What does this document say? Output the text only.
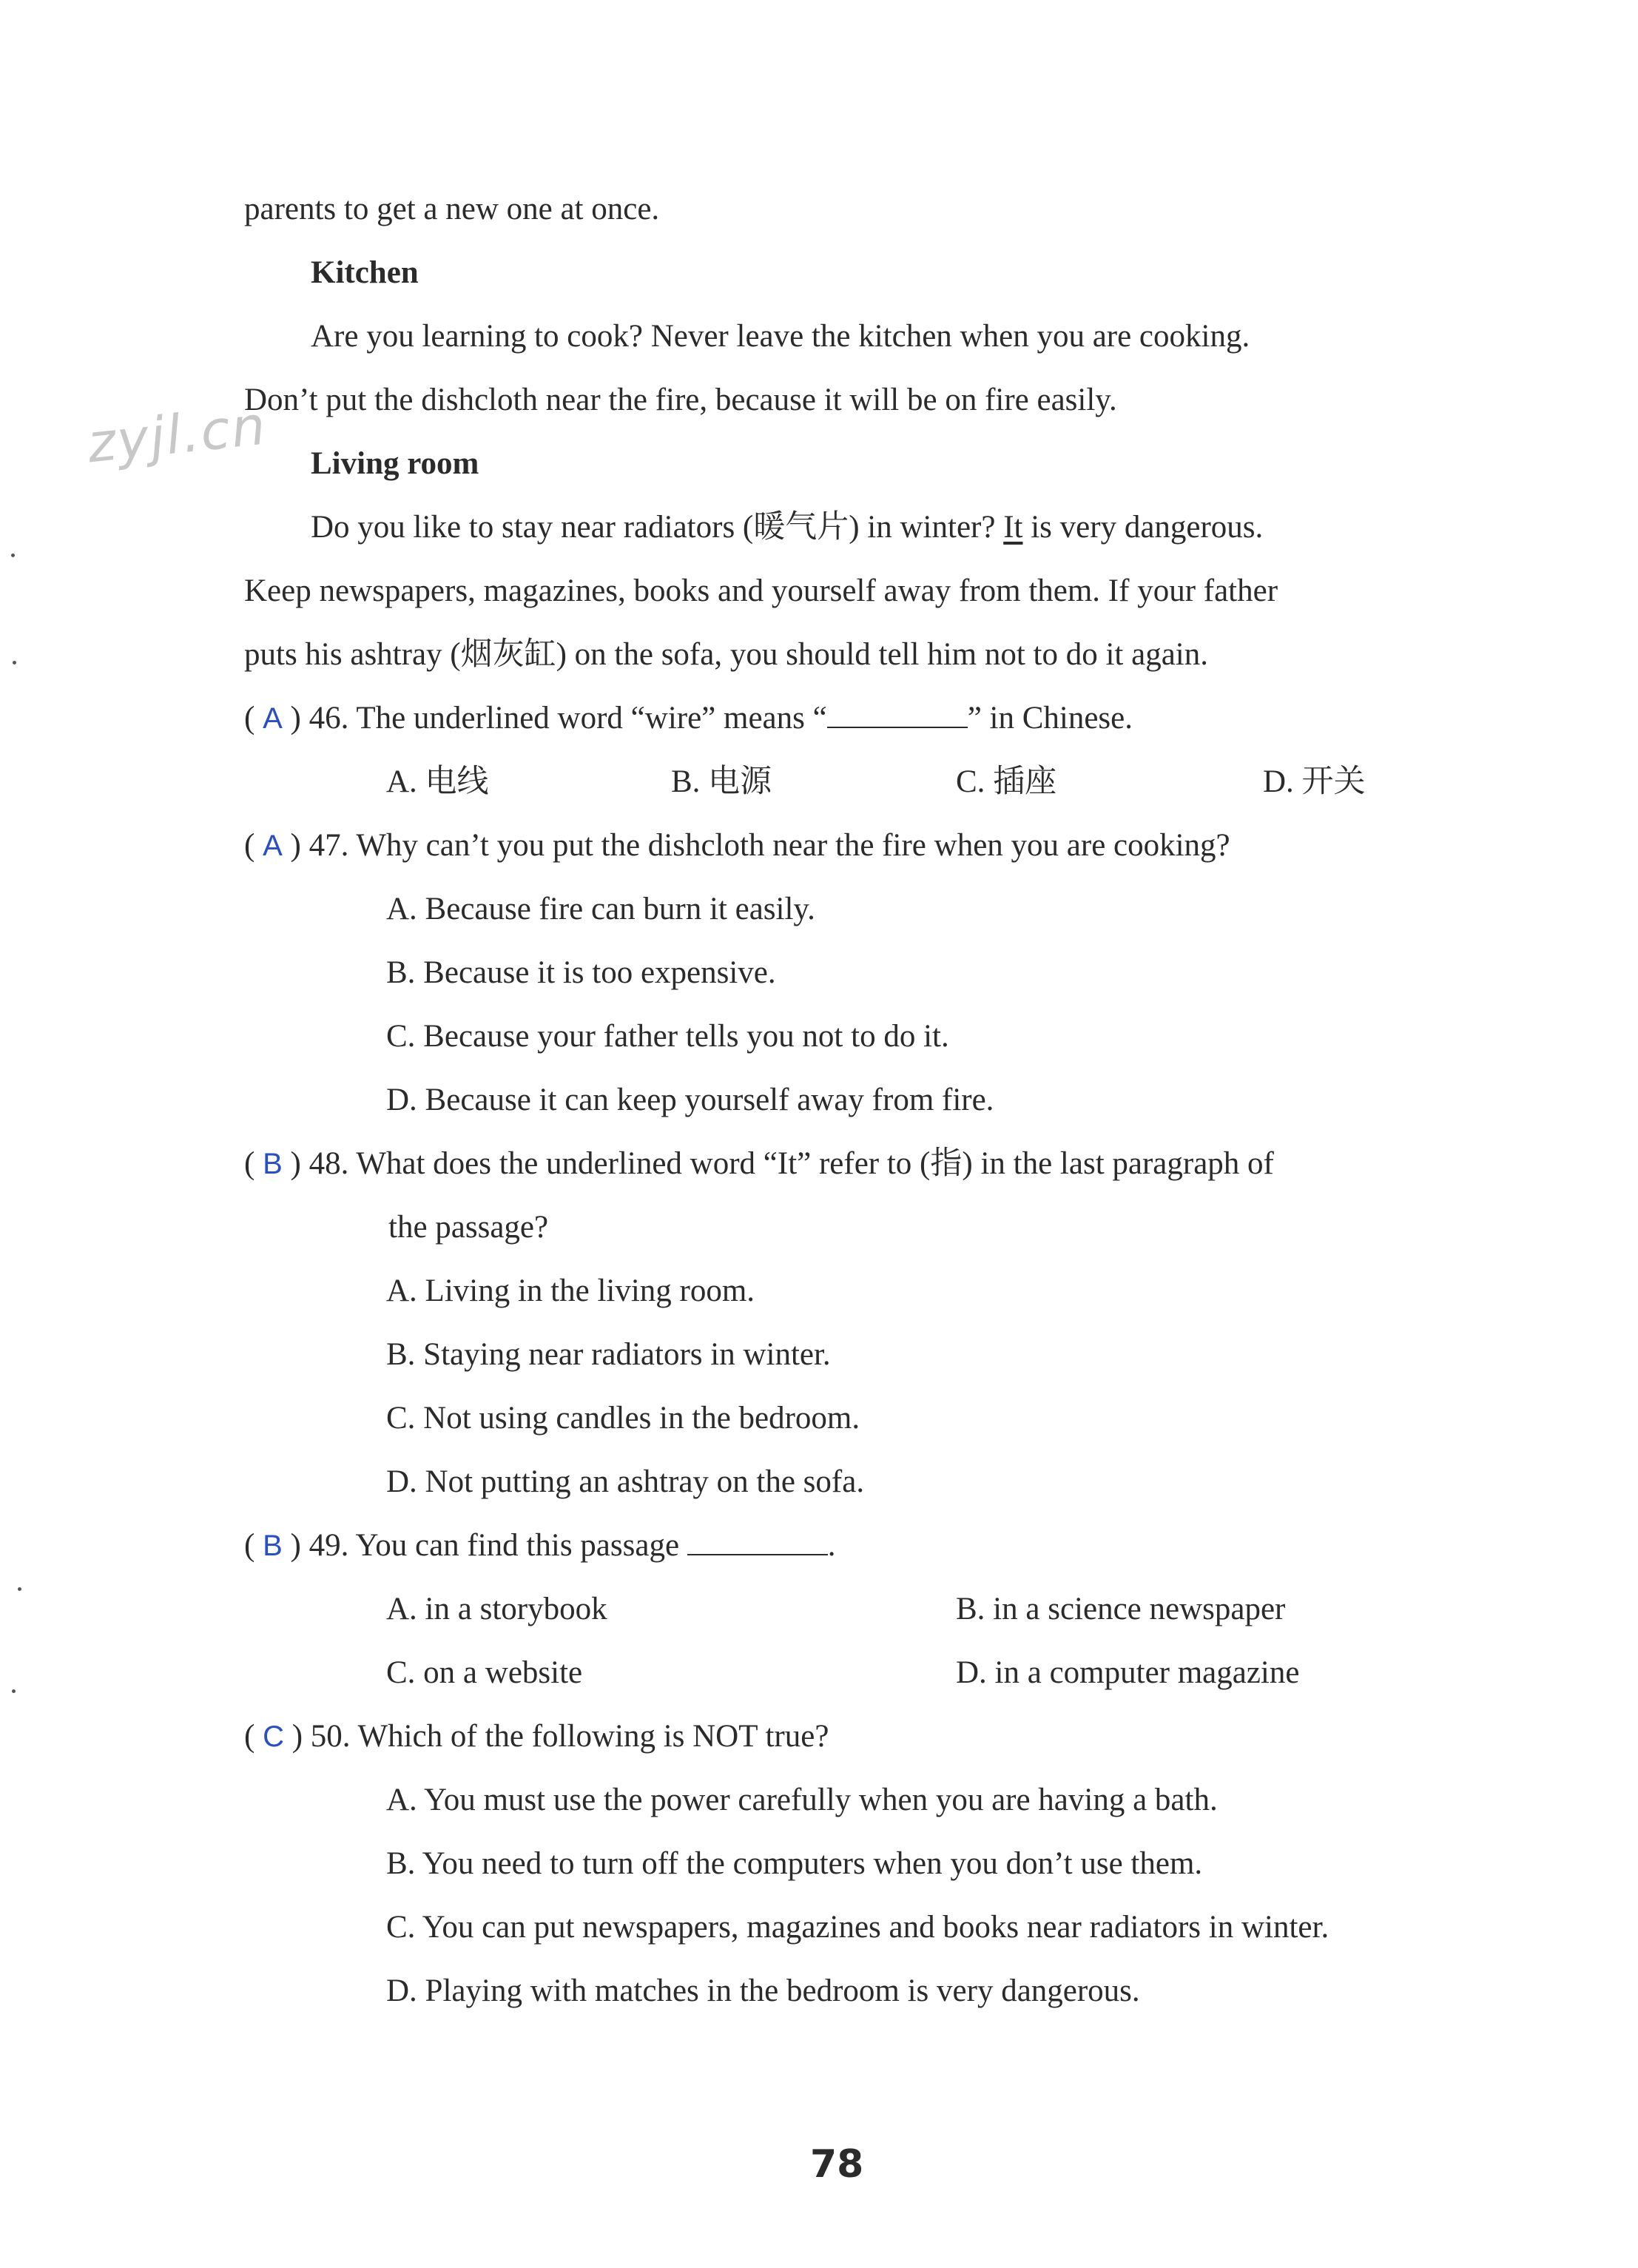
zyjl.cn
parents to get a new one at once.
Kitchen
Are you learning to cook? Never leave the kitchen when you are cooking.
Don’t put the dishcloth near the fire, because it will be on fire easily.
Living room
Do you like to stay near radiators (暖气片) in winter? It is very dangerous.
Keep newspapers, magazines, books and yourself away from them. If your father
puts his ashtray (烟灰缸) on the sofa, you should tell him not to do it again.
( A ) 46. The underlined word “wire” means “	” in Chinese.
A. 电线	B. 电源	C. 插座	D. 开关
( A ) 47. Why can’t you put the dishcloth near the fire when you are cooking?
A. Because fire can burn it easily.
B. Because it is too expensive.
C. Because your father tells you not to do it.
D. Because it can keep yourself away from fire.
( B ) 48. What does the underlined word “It” refer to (指) in the last paragraph of
the passage?
A. Living in the living room.
B. Staying near radiators in winter.
C. Not using candles in the bedroom.
D. Not putting an ashtray on the sofa.
( B ) 49. You can find this passage	.
A. in a storybook	B. in a science newspaper
C. on a website	D. in a computer magazine
( C ) 50. Which of the following is NOT true?
A. You must use the power carefully when you are having a bath.
B. You need to turn off the computers when you don’t use them.
C. You can put newspapers, magazines and books near radiators in winter.
D. Playing with matches in the bedroom is very dangerous.
78
